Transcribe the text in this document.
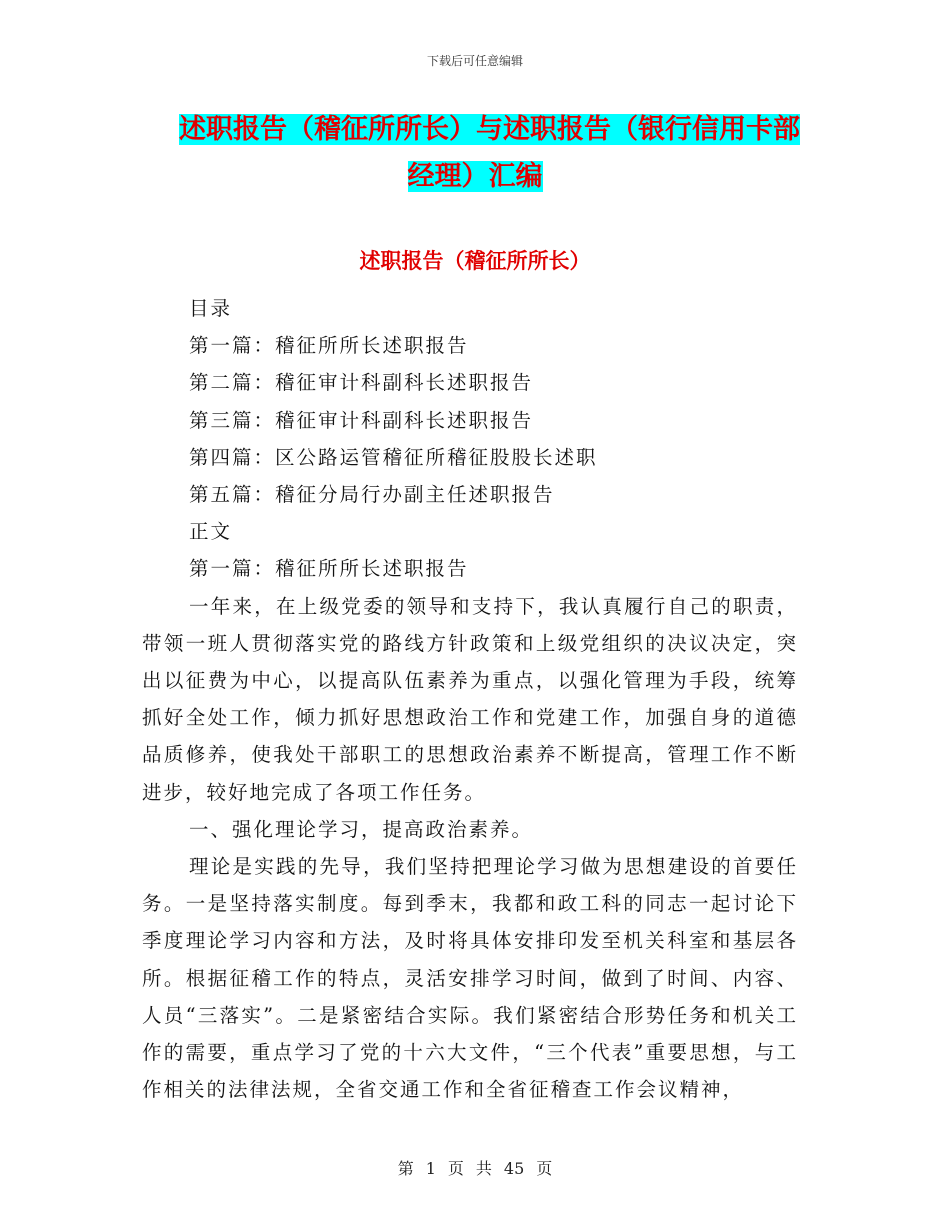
下载后可任意编辑
述职报告（稽征所所长）与述职报告（银行信用卡部
经理）汇编
述职报告（稽征所所长）
目录
第一篇：稽征所所长述职报告
第二篇：稽征审计科副科长述职报告
第三篇：稽征审计科副科长述职报告
第四篇：区公路运管稽征所稽征股股长述职
第五篇：稽征分局行办副主任述职报告
正文
第一篇：稽征所所长述职报告

一年来，在上级党委的领导和支持下，我认真履行自己的职责，带领一班人贯彻落实党的路线方针政策和上级党组织的决议决定，突出以征费为中心，以提高队伍素养为重点，以强化管理为手段，统筹抓好全处工作，倾力抓好思想政治工作和党建工作，加强自身的道德品质修养，使我处干部职工的思想政治素养不断提高，管理工作不断进步，较好地完成了各项工作任务。

一、强化理论学习，提高政治素养。

理论是实践的先导，我们坚持把理论学习做为思想建设的首要任务。一是坚持落实制度。每到季末，我都和政工科的同志一起讨论下季度理论学习内容和方法，及时将具体安排印发至机关科室和基层各所。根据征稽工作的特点，灵活安排学习时间，做到了时间、内容、人员“三落实”。二是紧密结合实际。我们紧密结合形势任务和机关工作的需要，重点学习了党的十六大文件，“三个代表”重要思想，与工作相关的法律法规，全省交通工作和全省征稽查工作会议精神，

第 1 页 共 45 页
